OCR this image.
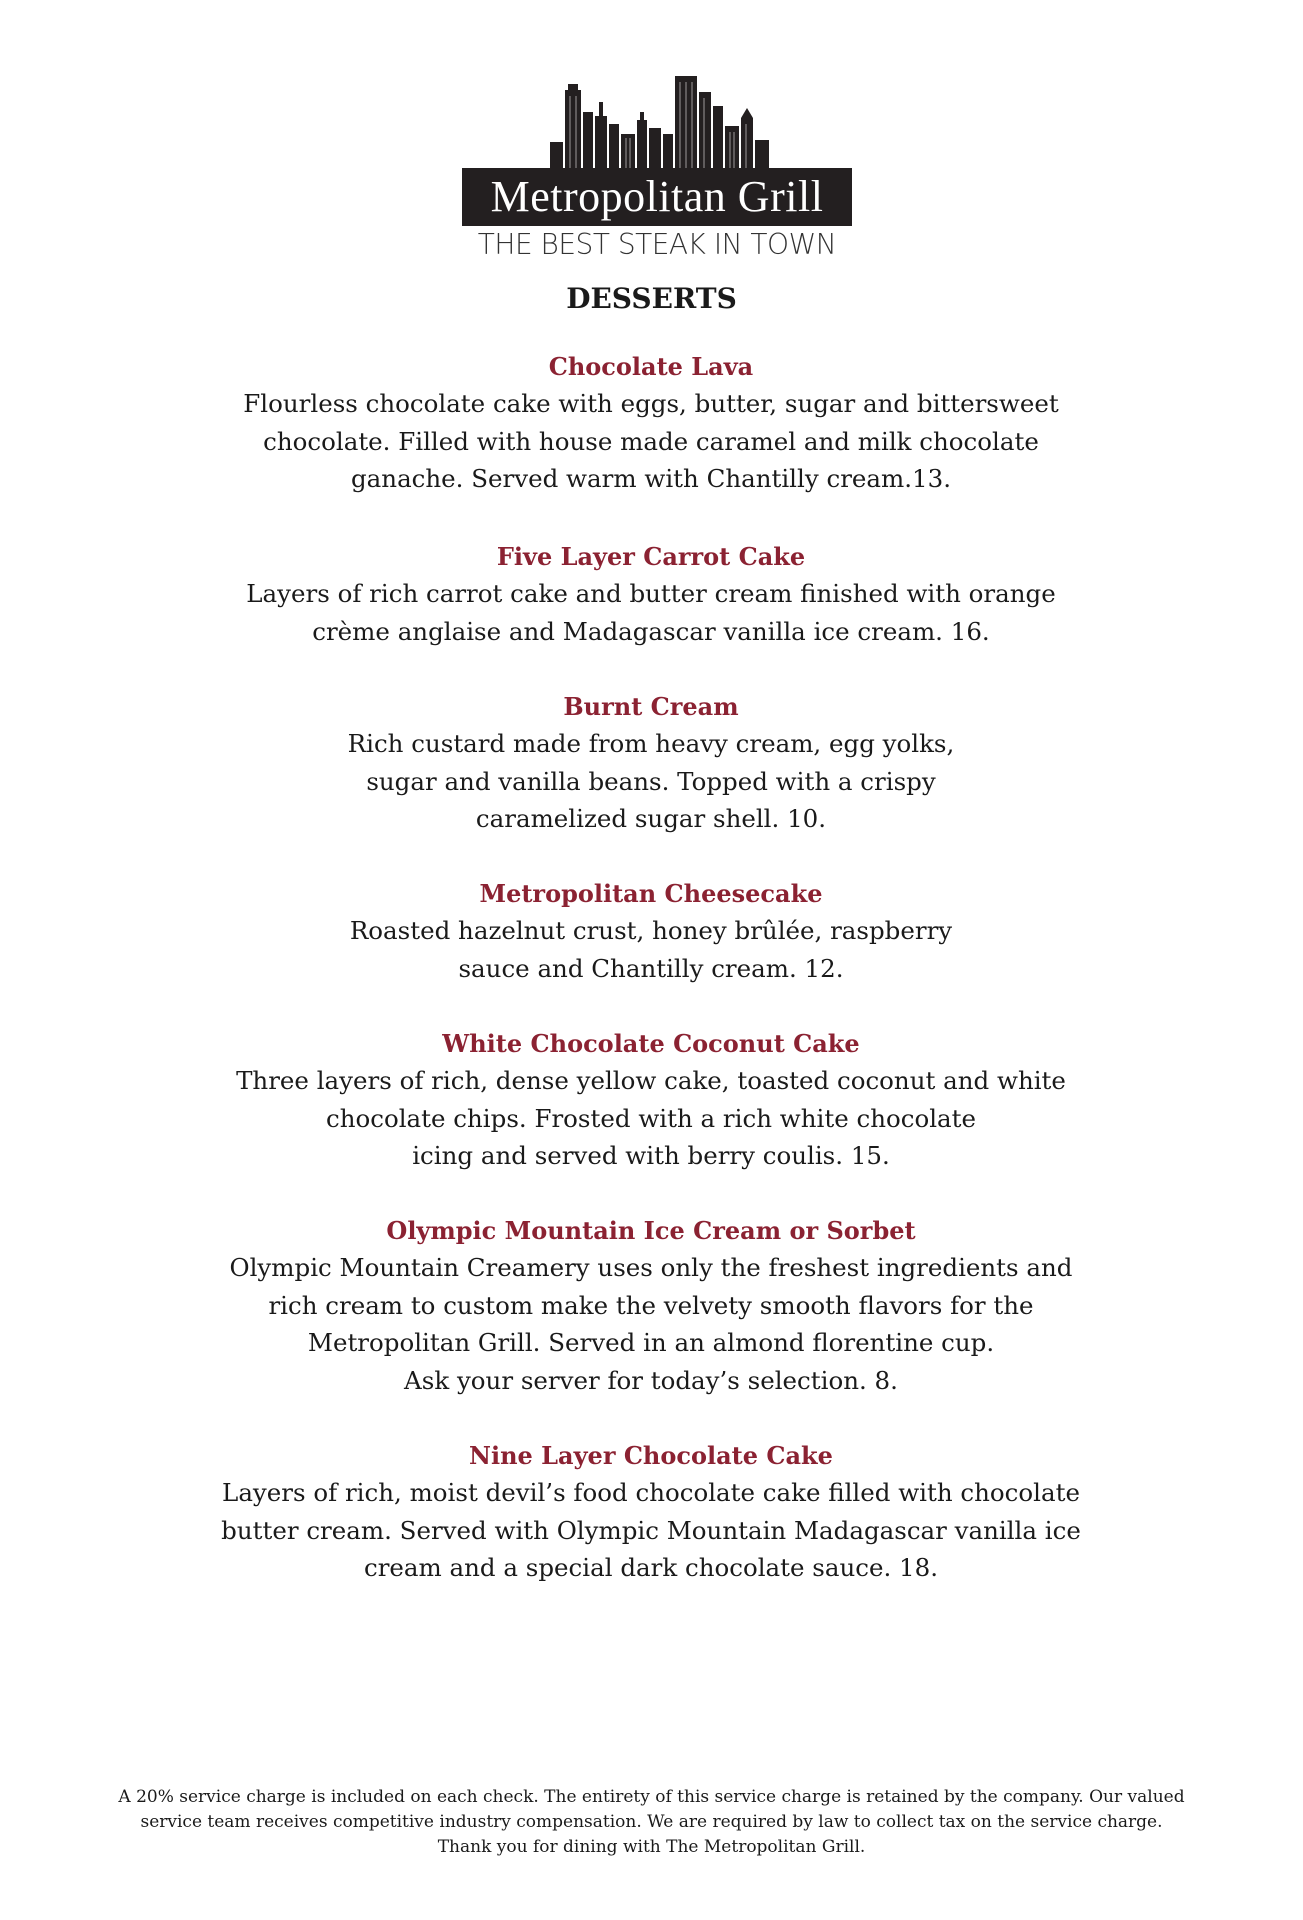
Metropolitan Grill
THE BEST STEAK IN TOWN
DESSERTS
Chocolate Lava
Flourless chocolate cake with eggs, butter, sugar and bittersweet
chocolate. Filled with house made caramel and milk chocolate
ganache. Served warm with Chantilly cream.13.
Five Layer Carrot Cake
Layers of rich carrot cake and butter cream finished with orange
crème anglaise and Madagascar vanilla ice cream. 16.
Burnt Cream
Rich custard made from heavy cream, egg yolks,
sugar and vanilla beans. Topped with a crispy
caramelized sugar shell. 10.
Metropolitan Cheesecake
Roasted hazelnut crust, honey brûlée, raspberry
sauce and Chantilly cream. 12.
White Chocolate Coconut Cake
Three layers of rich, dense yellow cake, toasted coconut and white
chocolate chips. Frosted with a rich white chocolate
icing and served with berry coulis. 15.
Olympic Mountain Ice Cream or Sorbet
Olympic Mountain Creamery uses only the freshest ingredients and
rich cream to custom make the velvety smooth flavors for the
Metropolitan Grill. Served in an almond florentine cup.
Ask your server for today’s selection. 8.
Nine Layer Chocolate Cake
Layers of rich, moist devil’s food chocolate cake filled with chocolate
butter cream. Served with Olympic Mountain Madagascar vanilla ice
cream and a special dark chocolate sauce. 18.
A 20% service charge is included on each check. The entirety of this service charge is retained by the company. Our valued
service team receives competitive industry compensation. We are required by law to collect tax on the service charge.
Thank you for dining with The Metropolitan Grill.
